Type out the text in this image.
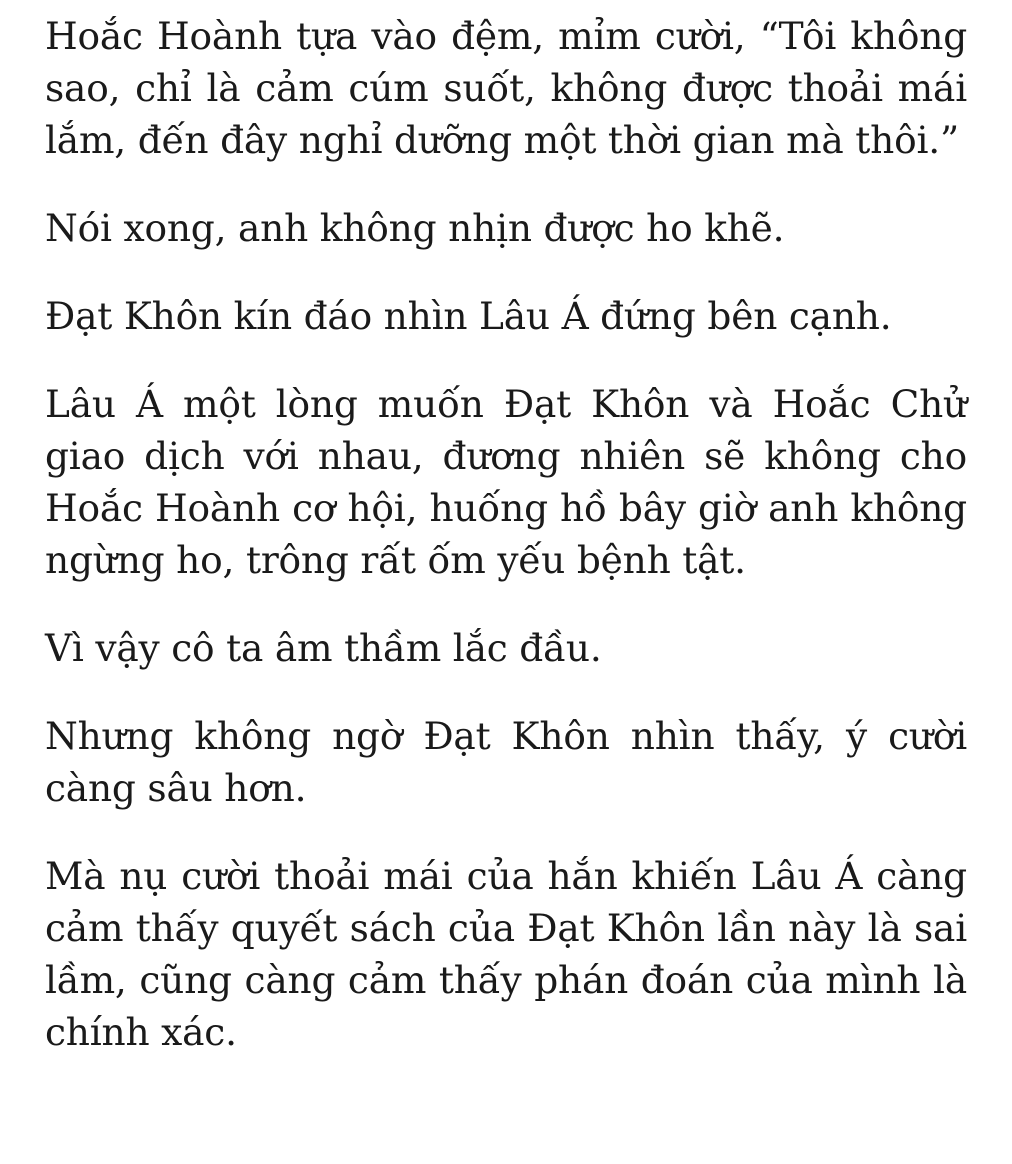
Hoắc Hoành tựa vào đệm, mỉm cười, “Tôi không sao, chỉ là cảm cúm suốt, không được thoải mái lắm, đến đây nghỉ dưỡng một thời gian mà thôi.”

Nói xong, anh không nhịn được ho khẽ.

Đạt Khôn kín đáo nhìn Lâu Á đứng bên cạnh.

Lâu Á một lòng muốn Đạt Khôn và Hoắc Chử giao dịch với nhau, đương nhiên sẽ không cho Hoắc Hoành cơ hội, huống hồ bây giờ anh không ngừng ho, trông rất ốm yếu bệnh tật.

Vì vậy cô ta âm thầm lắc đầu.

Nhưng không ngờ Đạt Khôn nhìn thấy, ý cười càng sâu hơn.

Mà nụ cười thoải mái của hắn khiến Lâu Á càng cảm thấy quyết sách của Đạt Khôn lần này là sai lầm, cũng càng cảm thấy phán đoán của mình là chính xác.
